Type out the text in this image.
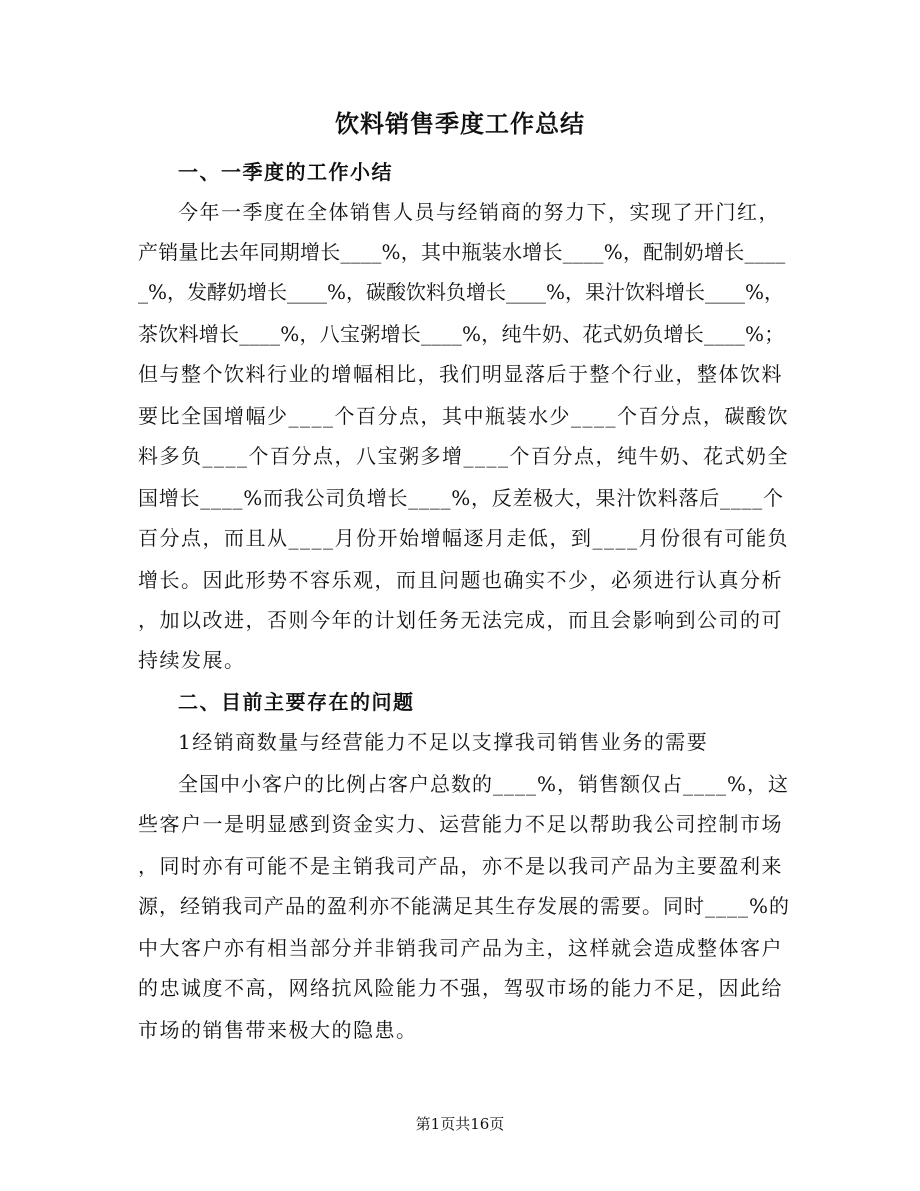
饮料销售季度工作总结
一、一季度的工作小结
今年一季度在全体销售人员与经销商的努力下，实现了开门红，
产销量比去年同期增长____%，其中瓶装水增长____%，配制奶增长____
_%，发酵奶增长____%，碳酸饮料负增长____%，果汁饮料增长____%，
茶饮料增长____%，八宝粥增长____%，纯牛奶、花式奶负增长____%；
但与整个饮料行业的增幅相比，我们明显落后于整个行业，整体饮料
要比全国增幅少____个百分点，其中瓶装水少____个百分点，碳酸饮
料多负____个百分点，八宝粥多增____个百分点，纯牛奶、花式奶全
国增长____%而我公司负增长____%，反差极大，果汁饮料落后____个
百分点，而且从____月份开始增幅逐月走低，到____月份很有可能负
增长。因此形势不容乐观，而且问题也确实不少，必须进行认真分析
，加以改进，否则今年的计划任务无法完成，而且会影响到公司的可
持续发展。
二、目前主要存在的问题
1经销商数量与经营能力不足以支撑我司销售业务的需要
全国中小客户的比例占客户总数的____%，销售额仅占____%，这
些客户一是明显感到资金实力、运营能力不足以帮助我公司控制市场
，同时亦有可能不是主销我司产品，亦不是以我司产品为主要盈利来
源，经销我司产品的盈利亦不能满足其生存发展的需要。同时____%的
中大客户亦有相当部分并非销我司产品为主，这样就会造成整体客户
的忠诚度不高，网络抗风险能力不强，驾驭市场的能力不足，因此给
市场的销售带来极大的隐患。
第1页共16页
